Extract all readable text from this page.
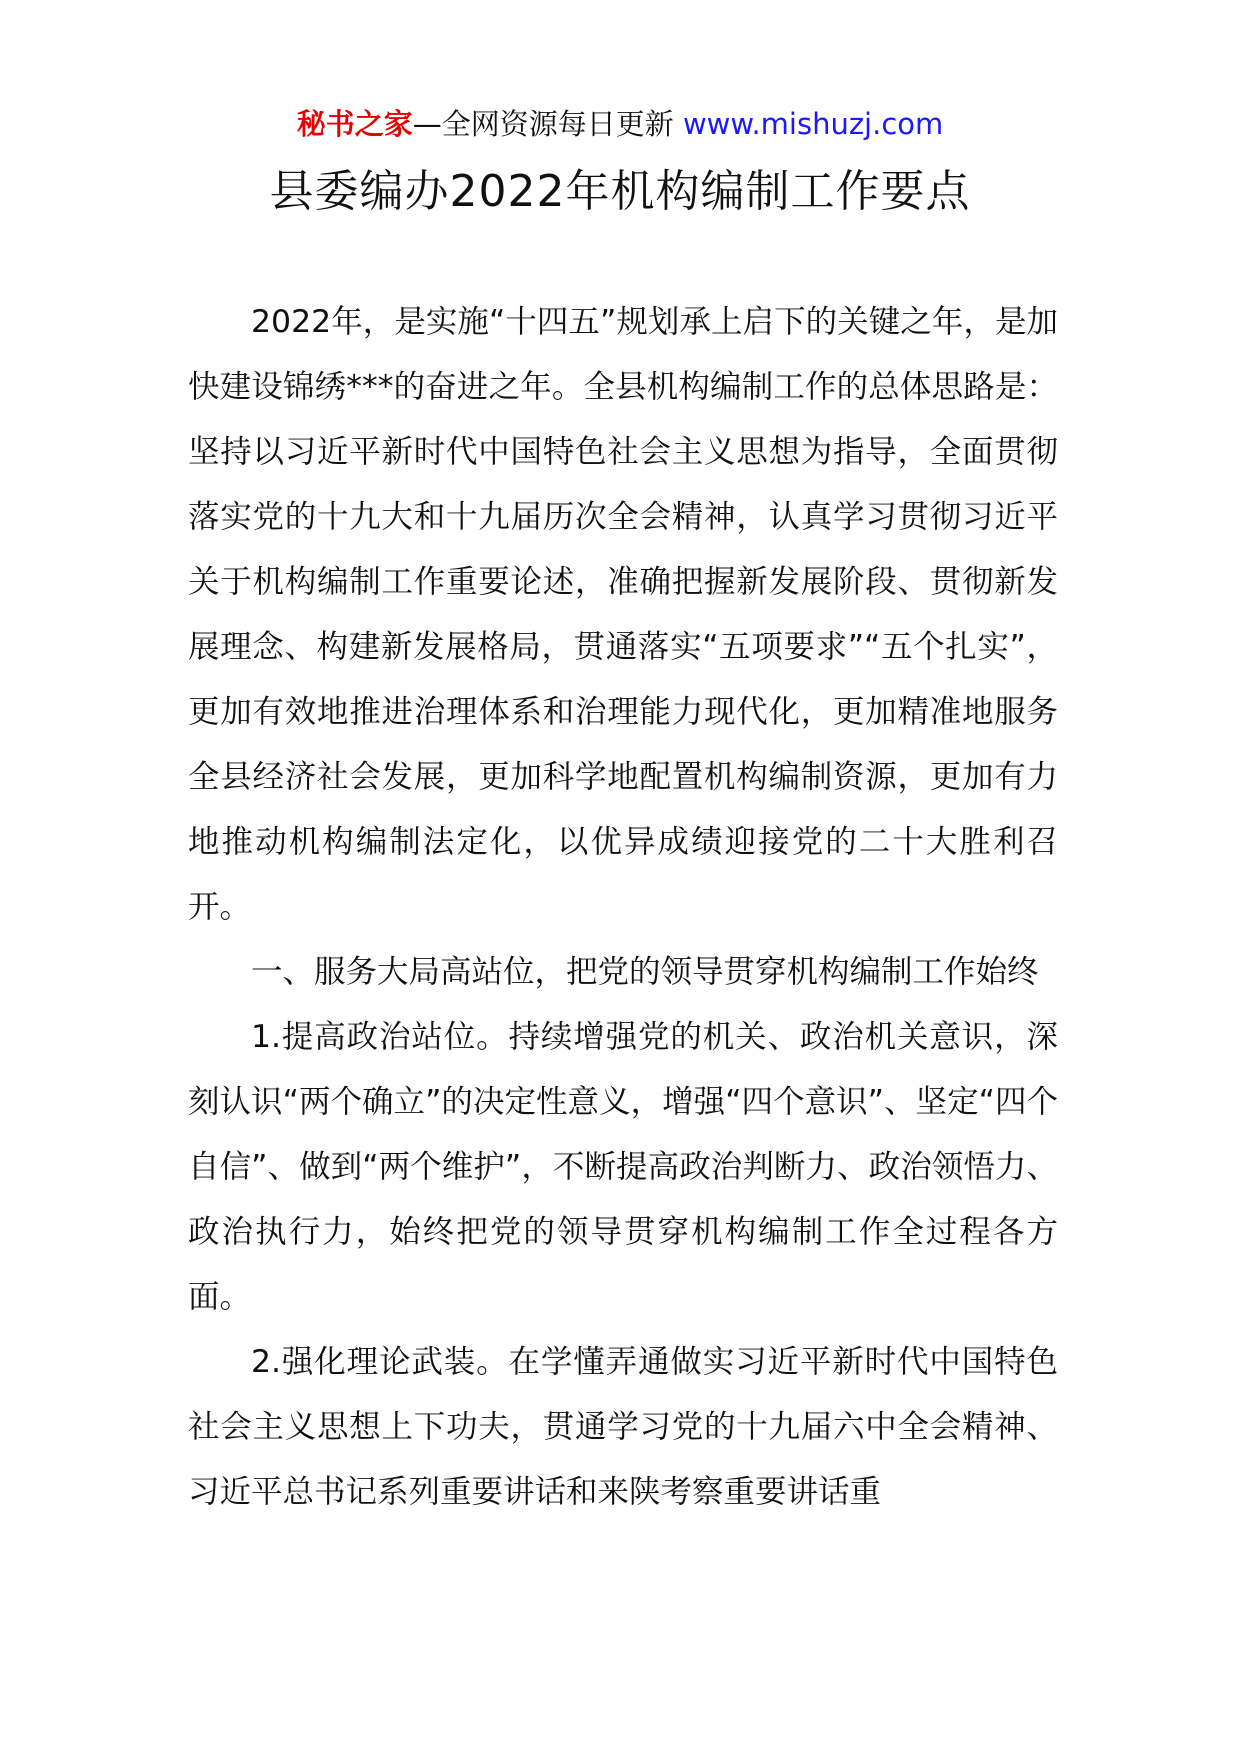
秘书之家—全网资源每日更新 www.mishuzj.com
县委编办2022年机构编制工作要点

2022年，是实施“十四五”规划承上启下的关键之年，是加快建设锦绣***的奋进之年。全县机构编制工作的总体思路是：坚持以习近平新时代中国特色社会主义思想为指导，全面贯彻落实党的十九大和十九届历次全会精神，认真学习贯彻习近平关于机构编制工作重要论述，准确把握新发展阶段、贯彻新发展理念、构建新发展格局，贯通落实“五项要求”“五个扎实”，更加有效地推进治理体系和治理能力现代化，更加精准地服务全县经济社会发展，更加科学地配置机构编制资源，更加有力地推动机构编制法定化，以优异成绩迎接党的二十大胜利召开。

一、服务大局高站位，把党的领导贯穿机构编制工作始终

1.提高政治站位。持续增强党的机关、政治机关意识，深刻认识“两个确立”的决定性意义，增强“四个意识”、坚定“四个自信”、做到“两个维护”，不断提高政治判断力、政治领悟力、政治执行力，始终把党的领导贯穿机构编制工作全过程各方面。

2.强化理论武装。在学懂弄通做实习近平新时代中国特色社会主义思想上下功夫，贯通学习党的十九届六中全会精神、习近平总书记系列重要讲话和来陕考察重要讲话重
